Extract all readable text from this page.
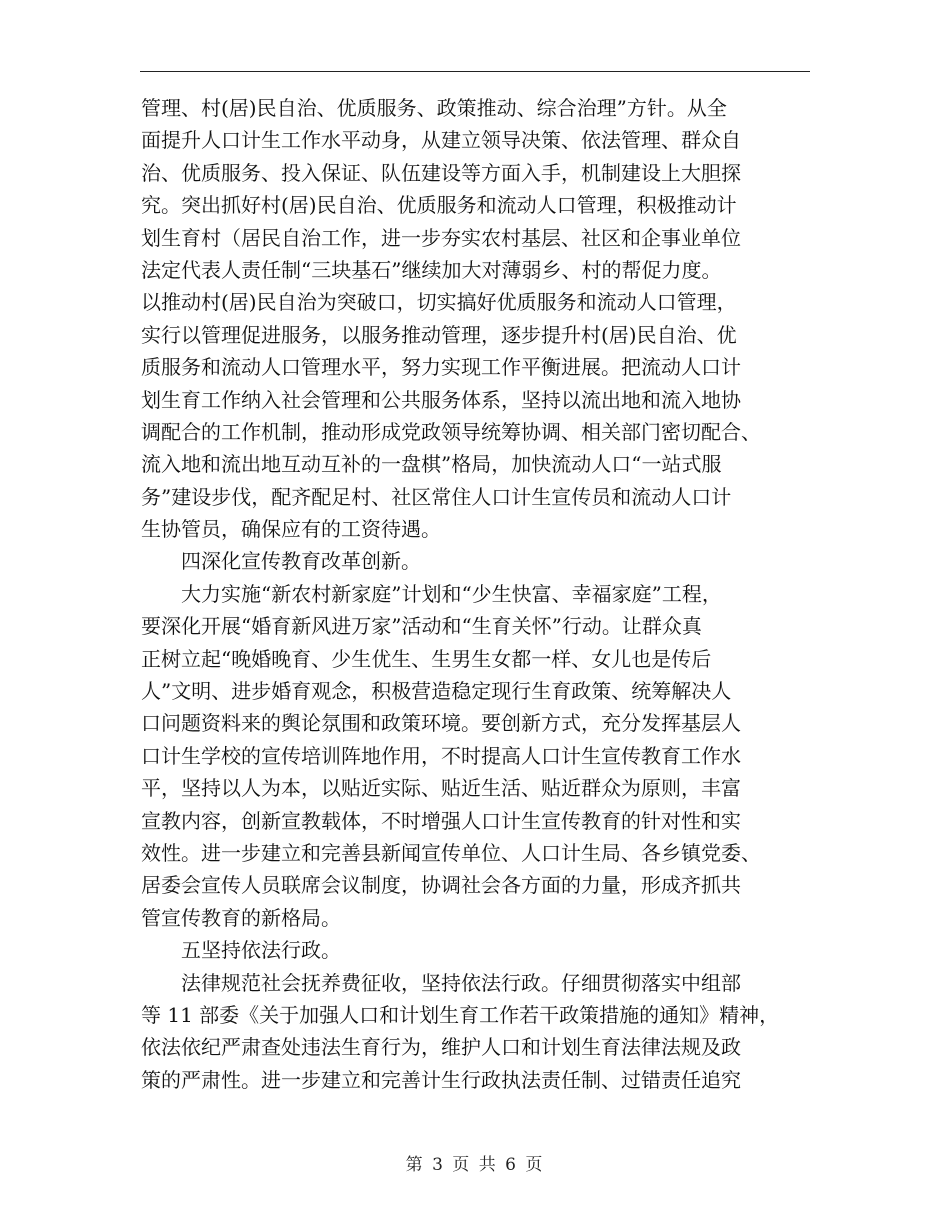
管理、村(居)民自治、优质服务、政策推动、综合治理”方针。从全
面提升人口计生工作水平动身，从建立领导决策、依法管理、群众自
治、优质服务、投入保证、队伍建设等方面入手，机制建设上大胆探
究。突出抓好村(居)民自治、优质服务和流动人口管理，积极推动计
划生育村（居民自治工作，进一步夯实农村基层、社区和企事业单位
法定代表人责任制“三块基石”继续加大对薄弱乡、村的帮促力度。
以推动村(居)民自治为突破口，切实搞好优质服务和流动人口管理，
实行以管理促进服务，以服务推动管理，逐步提升村(居)民自治、优
质服务和流动人口管理水平，努力实现工作平衡进展。把流动人口计
划生育工作纳入社会管理和公共服务体系，坚持以流出地和流入地协
调配合的工作机制，推动形成党政领导统筹协调、相关部门密切配合、
流入地和流出地互动互补的一盘棋”格局，加快流动人口“一站式服
务”建设步伐，配齐配足村、社区常住人口计生宣传员和流动人口计
生协管员，确保应有的工资待遇。
四深化宣传教育改革创新。
大力实施“新农村新家庭”计划和“少生快富、幸福家庭”工程，
要深化开展“婚育新风进万家”活动和“生育关怀”行动。让群众真
正树立起“晚婚晚育、少生优生、生男生女都一样、女儿也是传后
人”文明、进步婚育观念，积极营造稳定现行生育政策、统筹解决人
口问题资料来的舆论氛围和政策环境。要创新方式，充分发挥基层人
口计生学校的宣传培训阵地作用，不时提高人口计生宣传教育工作水
平，坚持以人为本，以贴近实际、贴近生活、贴近群众为原则，丰富
宣教内容，创新宣教载体，不时增强人口计生宣传教育的针对性和实
效性。进一步建立和完善县新闻宣传单位、人口计生局、各乡镇党委、
居委会宣传人员联席会议制度，协调社会各方面的力量，形成齐抓共
管宣传教育的新格局。
五坚持依法行政。
法律规范社会抚养费征收，坚持依法行政。仔细贯彻落实中组部
等 11 部委《关于加强人口和计划生育工作若干政策措施的通知》精神，
依法依纪严肃查处违法生育行为，维护人口和计划生育法律法规及政
策的严肃性。进一步建立和完善计生行政执法责任制、过错责任追究
第 3 页 共 6 页
